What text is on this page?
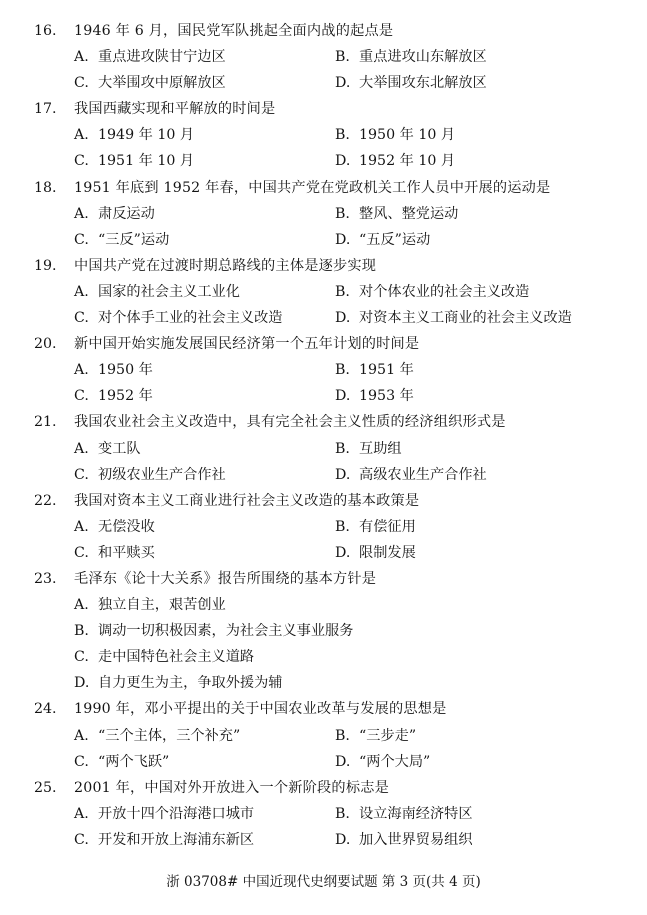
16. 1946 年 6 月，国民党军队挑起全面内战的起点是
A. 重点进攻陕甘宁边区	B. 重点进攻山东解放区
C. 大举围攻中原解放区	D. 大举围攻东北解放区
17. 我国西藏实现和平解放的时间是
A. 1949 年 10 月	B. 1950 年 10 月
C. 1951 年 10 月	D. 1952 年 10 月
18. 1951 年底到 1952 年春，中国共产党在党政机关工作人员中开展的运动是
A. 肃反运动	B. 整风、整党运动
C. “三反”运动	D. “五反”运动
19. 中国共产党在过渡时期总路线的主体是逐步实现
A. 国家的社会主义工业化	B. 对个体农业的社会主义改造
C. 对个体手工业的社会主义改造	D. 对资本主义工商业的社会主义改造
20. 新中国开始实施发展国民经济第一个五年计划的时间是
A. 1950 年	B. 1951 年
C. 1952 年	D. 1953 年
21. 我国农业社会主义改造中，具有完全社会主义性质的经济组织形式是
A. 变工队	B. 互助组
C. 初级农业生产合作社	D. 高级农业生产合作社
22. 我国对资本主义工商业进行社会主义改造的基本政策是
A. 无偿没收	B. 有偿征用
C. 和平赎买	D. 限制发展
23. 毛泽东《论十大关系》报告所围绕的基本方针是
A. 独立自主，艰苦创业
B. 调动一切积极因素，为社会主义事业服务
C. 走中国特色社会主义道路
D. 自力更生为主，争取外援为辅
24. 1990 年，邓小平提出的关于中国农业改革与发展的思想是
A. “三个主体，三个补充”	B. “三步走”
C. “两个飞跃”	D. “两个大局”
25. 2001 年，中国对外开放进入一个新阶段的标志是
A. 开放十四个沿海港口城市	B. 设立海南经济特区
C. 开发和开放上海浦东新区	D. 加入世界贸易组织
浙 03708# 中国近现代史纲要试题 第 3 页(共 4 页)
